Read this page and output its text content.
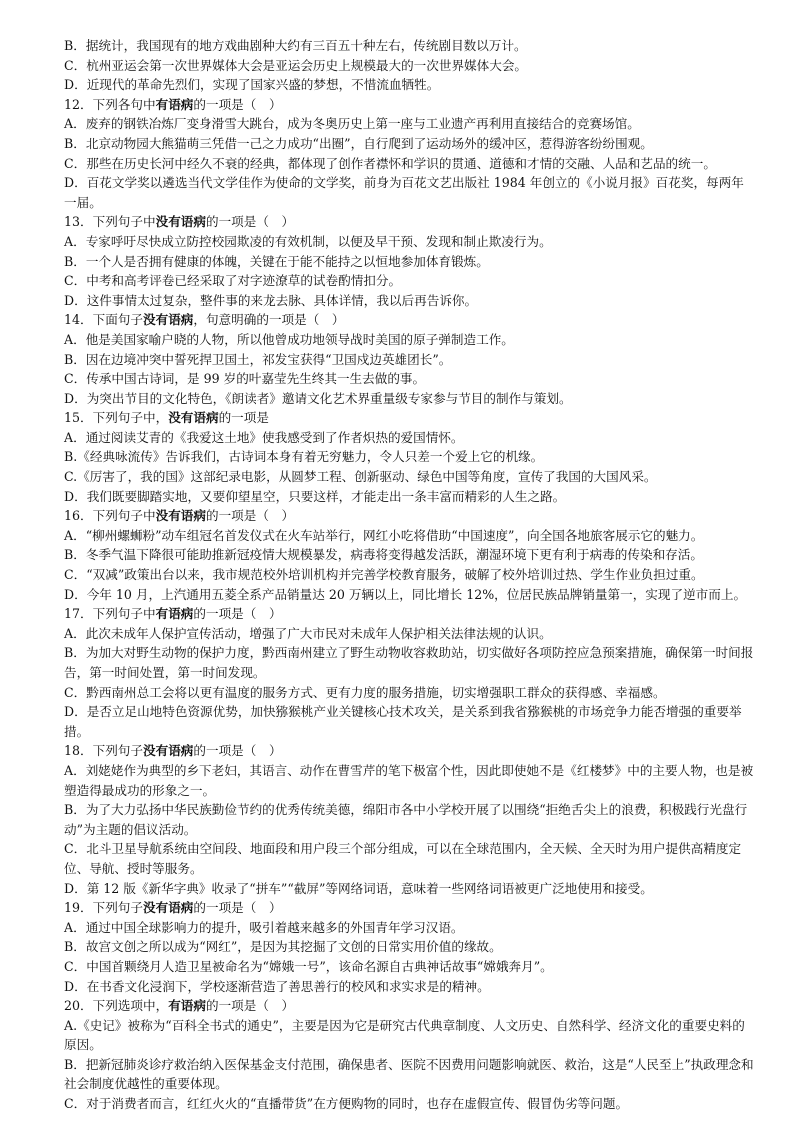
B．据统计，我国现有的地方戏曲剧种大约有三百五十种左右，传统剧目数以万计。
C．杭州亚运会第一次世界媒体大会是亚运会历史上规模最大的一次世界媒体大会。
D．近现代的革命先烈们，实现了国家兴盛的梦想，不惜流血牺牲。
12．下列各句中有语病的一项是（　）
A．废弃的钢铁冶炼厂变身滑雪大跳台，成为冬奥历史上第一座与工业遗产再利用直接结合的竞赛场馆。
B．北京动物园大熊猫萌三凭借一己之力成功“出圈”，自行爬到了运动场外的缓冲区，惹得游客纷纷围观。
C．那些在历史长河中经久不衰的经典，都体现了创作者襟怀和学识的贯通、道德和才情的交融、人品和艺品的统一。
D．百花文学奖以遴选当代文学佳作为使命的文学奖，前身为百花文艺出版社 1984 年创立的《小说月报》百花奖，每两年一届。
13．下列句子中没有语病的一项是（　）
A．专家呼吁尽快成立防控校园欺凌的有效机制，以便及早干预、发现和制止欺凌行为。
B．一个人是否拥有健康的体魄，关键在于能不能持之以恒地参加体育锻炼。
C．中考和高考评卷已经采取了对字迹潦草的试卷酌情扣分。
D．这件事情太过复杂，整件事的来龙去脉、具体详情，我以后再告诉你。
14．下面句子没有语病，句意明确的一项是（　）
A．他是美国家喻户晓的人物，所以他曾成功地领导战时美国的原子弹制造工作。
B．因在边境冲突中誓死捍卫国土，祁发宝获得“卫国戍边英雄团长”。
C．传承中国古诗词，是 99 岁的叶嘉莹先生终其一生去做的事。
D．为突出节目的文化特色，《朗读者》邀请文化艺术界重量级专家参与节目的制作与策划。
15．下列句子中，没有语病的一项是
A．通过阅读艾青的《我爱这土地》使我感受到了作者炽热的爱国情怀。
B.《经典咏流传》告诉我们，古诗词本身有着无穷魅力，令人只差一个爱上它的机缘。
C.《厉害了，我的国》这部纪录电影，从圆梦工程、创新驱动、绿色中国等角度，宣传了我国的大国风采。
D．我们既要脚踏实地，又要仰望星空，只要这样，才能走出一条丰富而精彩的人生之路。
16．下列句子中没有语病的一项是（　）
A．“柳州螺蛳粉”动车组冠名首发仪式在火车站举行，网红小吃将借助“中国速度”，向全国各地旅客展示它的魅力。
B．冬季气温下降很可能助推新冠疫情大规模暴发，病毒将变得越发活跃，潮湿环境下更有利于病毒的传染和存活。
C．“双减”政策出台以来，我市规范校外培训机构并完善学校教育服务，破解了校外培训过热、学生作业负担过重。
D．今年 10 月，上汽通用五菱全系产品销量达 20 万辆以上，同比增长 12%，位居民族品牌销量第一，实现了逆市而上。
17．下列句子中有语病的一项是（　）
A．此次未成年人保护宣传活动，增强了广大市民对未成年人保护相关法律法规的认识。
B．为加大对野生动物的保护力度，黔西南州建立了野生动物收容救助站，切实做好各项防控应急预案措施，确保第一时间报告，第一时间处置，第一时间发现。
C．黔西南州总工会将以更有温度的服务方式、更有力度的服务措施，切实增强职工群众的获得感、幸福感。
D．是否立足山地特色资源优势，加快猕猴桃产业关键核心技术攻关，是关系到我省猕猴桃的市场竞争力能否增强的重要举措。
18．下列句子没有语病的一项是（　）
A．刘姥姥作为典型的乡下老妇，其语言、动作在曹雪芹的笔下极富个性，因此即使她不是《红楼梦》中的主要人物，也是被塑造得最成功的形象之一。
B．为了大力弘扬中华民族勤俭节约的优秀传统美德，绵阳市各中小学校开展了以围绕“拒绝舌尖上的浪费，积极践行光盘行动”为主题的倡议活动。
C．北斗卫星导航系统由空间段、地面段和用户段三个部分组成，可以在全球范围内，全天候、全天时为用户提供高精度定位、导航、授时等服务。
D．第 12 版《新华字典》收录了“拼车”“截屏”等网络词语，意味着一些网络词语被更广泛地使用和接受。
19．下列句子没有语病的一项是（　）
A．通过中国全球影响力的提升，吸引着越来越多的外国青年学习汉语。
B．故宫文创之所以成为“网红”，是因为其挖掘了文创的日常实用价值的缘故。
C．中国首颗绕月人造卫星被命名为“嫦娥一号”，该命名源自古典神话故事“嫦娥奔月”。
D．在书香文化浸润下，学校逐渐营造了善思善行的校风和求实求是的精神。
20．下列选项中，有语病的一项是（　）
A.《史记》被称为“百科全书式的通史”，主要是因为它是研究古代典章制度、人文历史、自然科学、经济文化的重要史料的原因。
B．把新冠肺炎诊疗救治纳入医保基金支付范围，确保患者、医院不因费用问题影响就医、救治，这是“人民至上”执政理念和社会制度优越性的重要体现。
C．对于消费者而言，红红火火的“直播带货”在方便购物的同时，也存在虚假宣传、假冒伪劣等问题。
